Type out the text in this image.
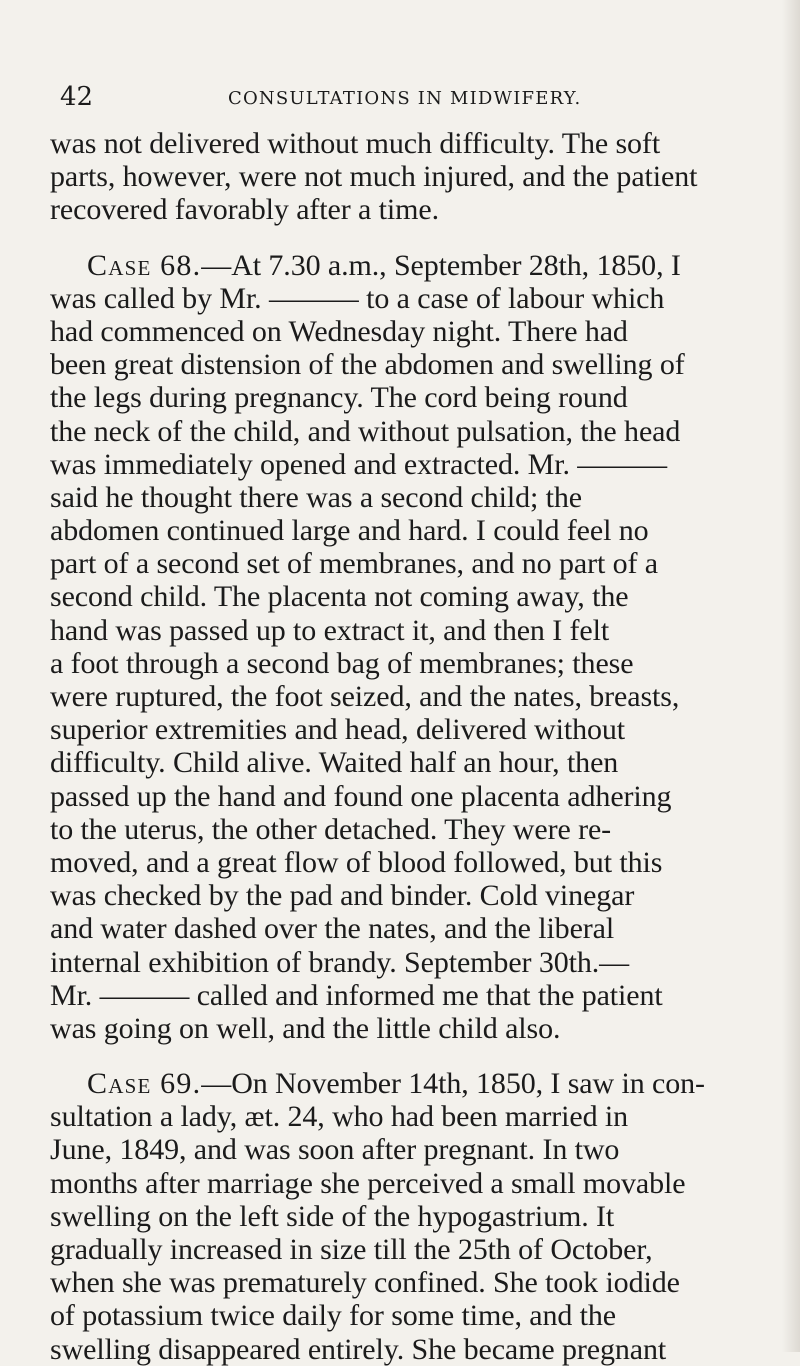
42	CONSULTATIONS IN MIDWIFERY.
was not delivered without much difficulty. The soft
parts, however, were not much injured, and the patient
recovered favorably after a time.
Case 68.—At 7.30 a.m., September 28th, 1850, I
was called by Mr. ——— to a case of labour which
had commenced on Wednesday night. There had
been great distension of the abdomen and swelling of
the legs during pregnancy. The cord being round
the neck of the child, and without pulsation, the head
was immediately opened and extracted. Mr. ———
said he thought there was a second child; the
abdomen continued large and hard. I could feel no
part of a second set of membranes, and no part of a
second child. The placenta not coming away, the
hand was passed up to extract it, and then I felt
a foot through a second bag of membranes; these
were ruptured, the foot seized, and the nates, breasts,
superior extremities and head, delivered without
difficulty. Child alive. Waited half an hour, then
passed up the hand and found one placenta adhering
to the uterus, the other detached. They were re-
moved, and a great flow of blood followed, but this
was checked by the pad and binder. Cold vinegar
and water dashed over the nates, and the liberal
internal exhibition of brandy. September 30th.—
Mr. ——— called and informed me that the patient
was going on well, and the little child also.
Case 69.—On November 14th, 1850, I saw in con-
sultation a lady, æt. 24, who had been married in
June, 1849, and was soon after pregnant. In two
months after marriage she perceived a small movable
swelling on the left side of the hypogastrium. It
gradually increased in size till the 25th of October,
when she was prematurely confined. She took iodide
of potassium twice daily for some time, and the
swelling disappeared entirely. She became pregnant
